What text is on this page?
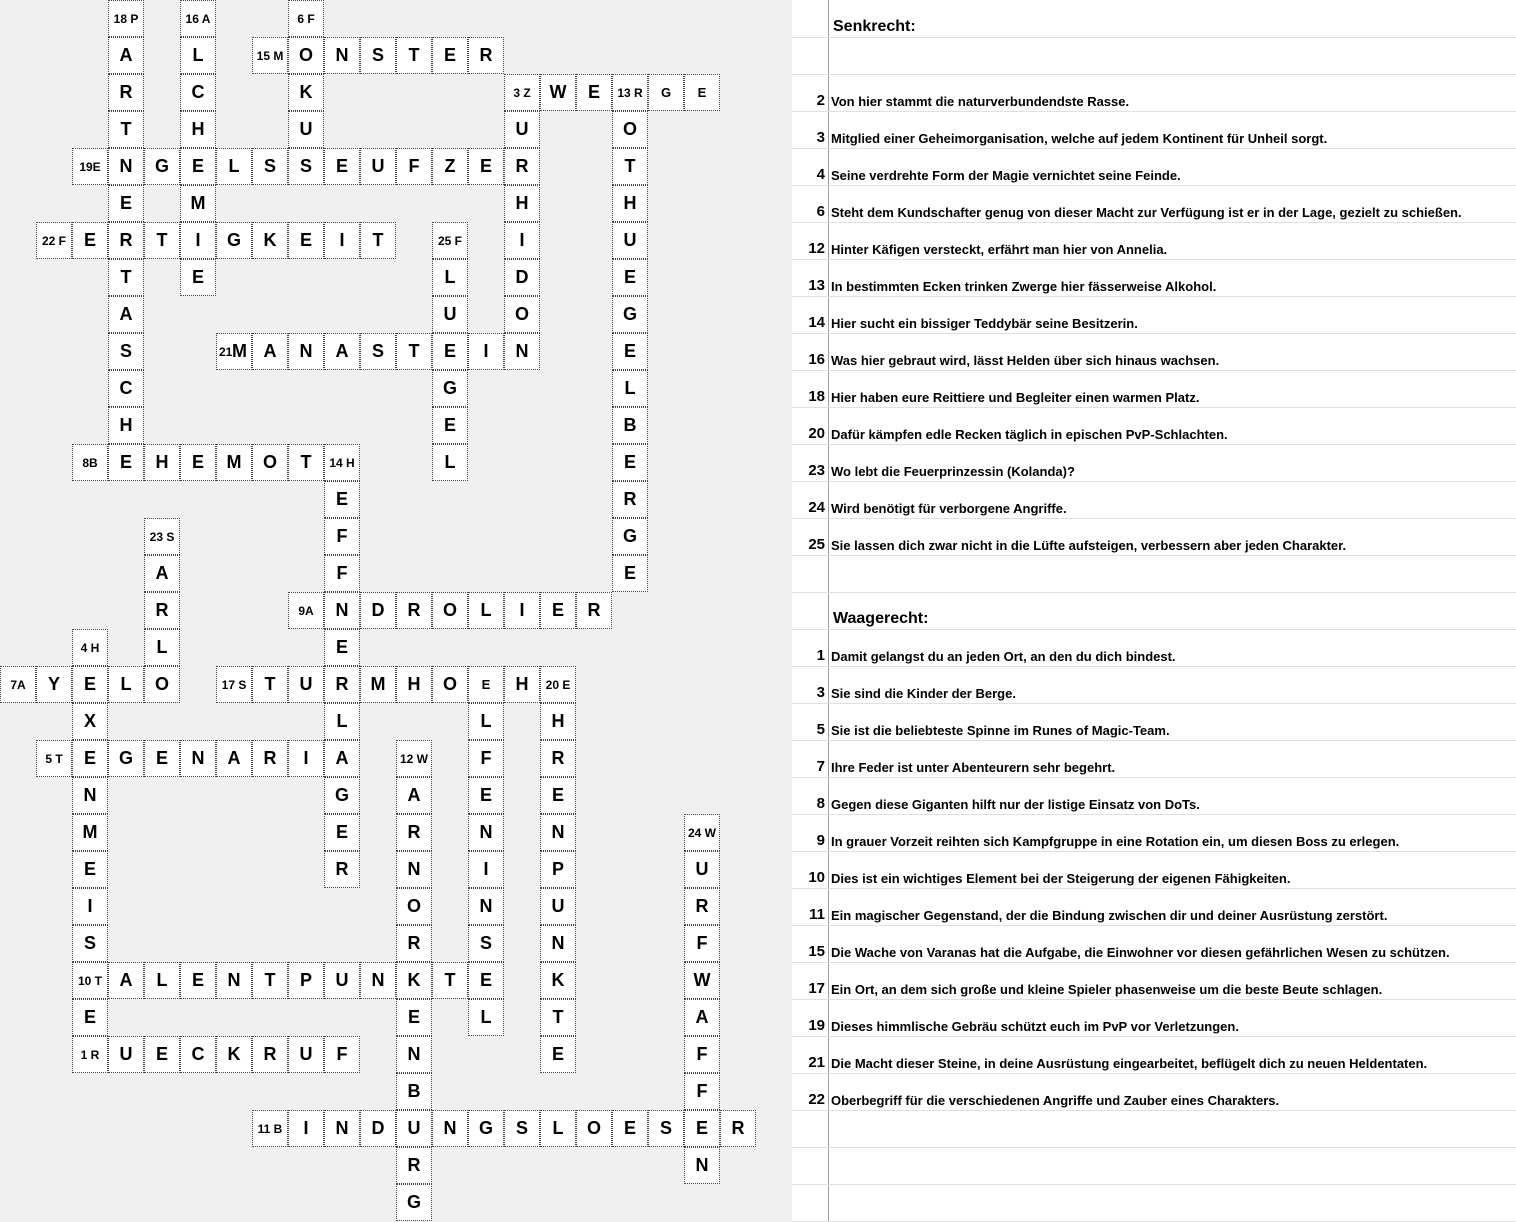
18 P	16 A	6 F
A	L	15 M O	N	S	T	E	R
R	C	K	3 Z	W	E	13 R	G	E
T	H	U	U	O
19E	N	G	E	L	S	S	E	U	F	Z	E	R	T
E	M	H	H
22 F E	R	T	I	G	K	E	I	T	25 F	I	U
T	E	L	D	E
A	U	O	G
S	21 M A	N	A	S	T	E	I	N	E
C	G	L
H	E	B
8B	E	H	E	M	O	T	14 H	L	E
E	R
23 S	F	G
A	F	E
R	9A	N	D	R	O	L	I	E	R
4 H	L	E
7A	Y	E	L	O	17 S	T	U	R	M	H	O	E	H	20 E
X	L	L	H
5 T	E	G	E	N	A	R	I	A	12 W	F	R
N	G	A	E	E
M	E	R	N	N	24 W
E	R	N	I	P	U
I	O	N	U	R
S	R	S	N	F
10 T A	L	E	N	T	P	U	N	K	T	E	K	W
E	E	L	T	A
1 R	U	E	C	K	R	U	F	N	E	F
B	F
11 B	I	N	D	U	N	G	S	L	O	E	S	E	R
R	N
G
Senkrecht:
2 Von hier stammt die naturverbundendste Rasse.
3 Mitglied einer Geheimorganisation, welche auf jedem Kontinent für Unheil sorgt.
4 Seine verdrehte Form der Magie vernichtet seine Feinde.
6 Steht dem Kundschafter genug von dieser Macht zur Verfügung ist er in der Lage, gezielt zu schießen.
12 Hinter Käfigen versteckt, erfährt man hier von Annelia.
13 In bestimmten Ecken trinken Zwerge hier fässerweise Alkohol.
14 Hier sucht ein bissiger Teddybär seine Besitzerin.
16 Was hier gebraut wird, lässt Helden über sich hinaus wachsen.
18 Hier haben eure Reittiere und Begleiter einen warmen Platz.
20 Dafür kämpfen edle Recken täglich in epischen PvP-Schlachten.
23 Wo lebt die Feuerprinzessin (Kolanda)?
24 Wird benötigt für verborgene Angriffe.
25 Sie lassen dich zwar nicht in die Lüfte aufsteigen, verbessern aber jeden Charakter.
Waagerecht:
1 Damit gelangst du an jeden Ort, an den du dich bindest.
3 Sie sind die Kinder der Berge.
5 Sie ist die beliebteste Spinne im Runes of Magic-Team.
7 Ihre Feder ist unter Abenteurern sehr begehrt.
8 Gegen diese Giganten hilft nur der listige Einsatz von DoTs.
9 In grauer Vorzeit reihten sich Kampfgruppe in eine Rotation ein, um diesen Boss zu erlegen.
10 Dies ist ein wichtiges Element bei der Steigerung der eigenen Fähigkeiten.
11 Ein magischer Gegenstand, der die Bindung zwischen dir und deiner Ausrüstung zerstört.
15 Die Wache von Varanas hat die Aufgabe, die Einwohner vor diesen gefährlichen Wesen zu schützen.
17 Ein Ort, an dem sich große und kleine Spieler phasenweise um die beste Beute schlagen.
19 Dieses himmlische Gebräu schützt euch im PvP vor Verletzungen.
21 Die Macht dieser Steine, in deine Ausrüstung eingearbeitet, beflügelt dich zu neuen Heldentaten.
22 Oberbegriff für die verschiedenen Angriffe und Zauber eines Charakters.
